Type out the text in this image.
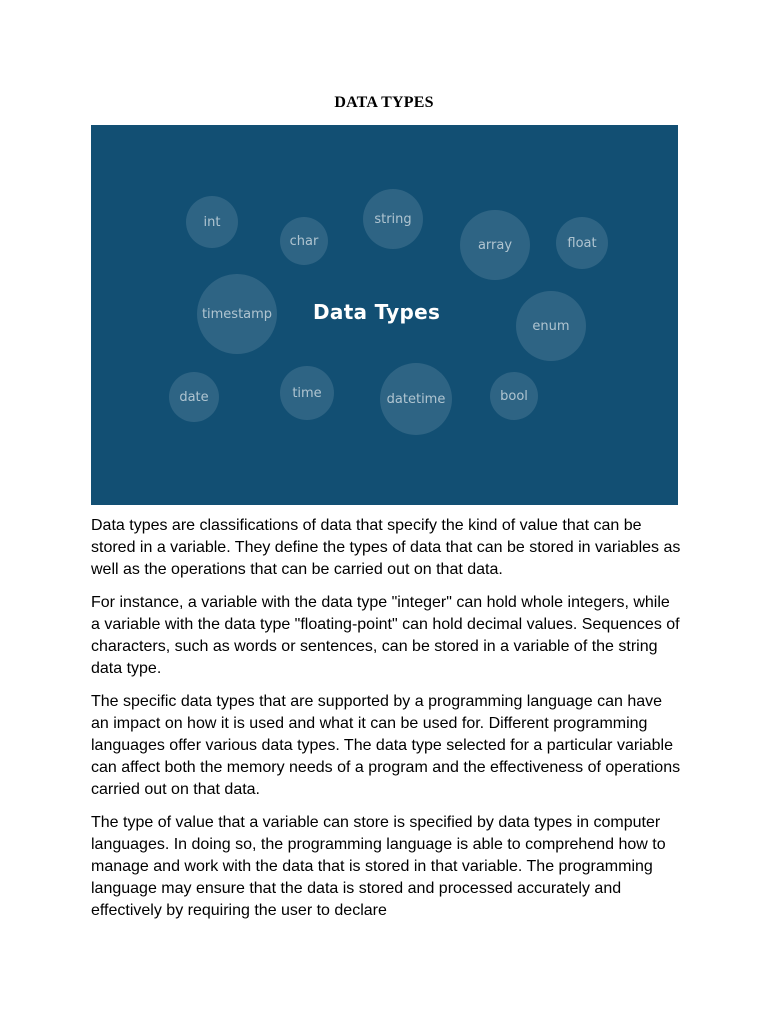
DATA TYPES
int
char
string
array	float
timestamp
enum
date	time	datetime	bool
Data Types

Data types are classifications of data that specify the kind of value that can be stored in a variable. They define the types of data that can be stored in variables as well as the operations that can be carried out on that data.

For instance, a variable with the data type "integer" can hold whole integers, while a variable with the data type "floating-point" can hold decimal values. Sequences of characters, such as words or sentences, can be stored in a variable of the string data type.

The specific data types that are supported by a programming language can have an impact on how it is used and what it can be used for. Different programming languages offer various data types. The data type selected for a particular variable can affect both the memory needs of a program and the effectiveness of operations carried out on that data.

The type of value that a variable can store is specified by data types in computer languages. In doing so, the programming language is able to comprehend how to manage and work with the data that is stored in that variable. The programming language may ensure that the data is stored and processed accurately and effectively by requiring the user to declare
